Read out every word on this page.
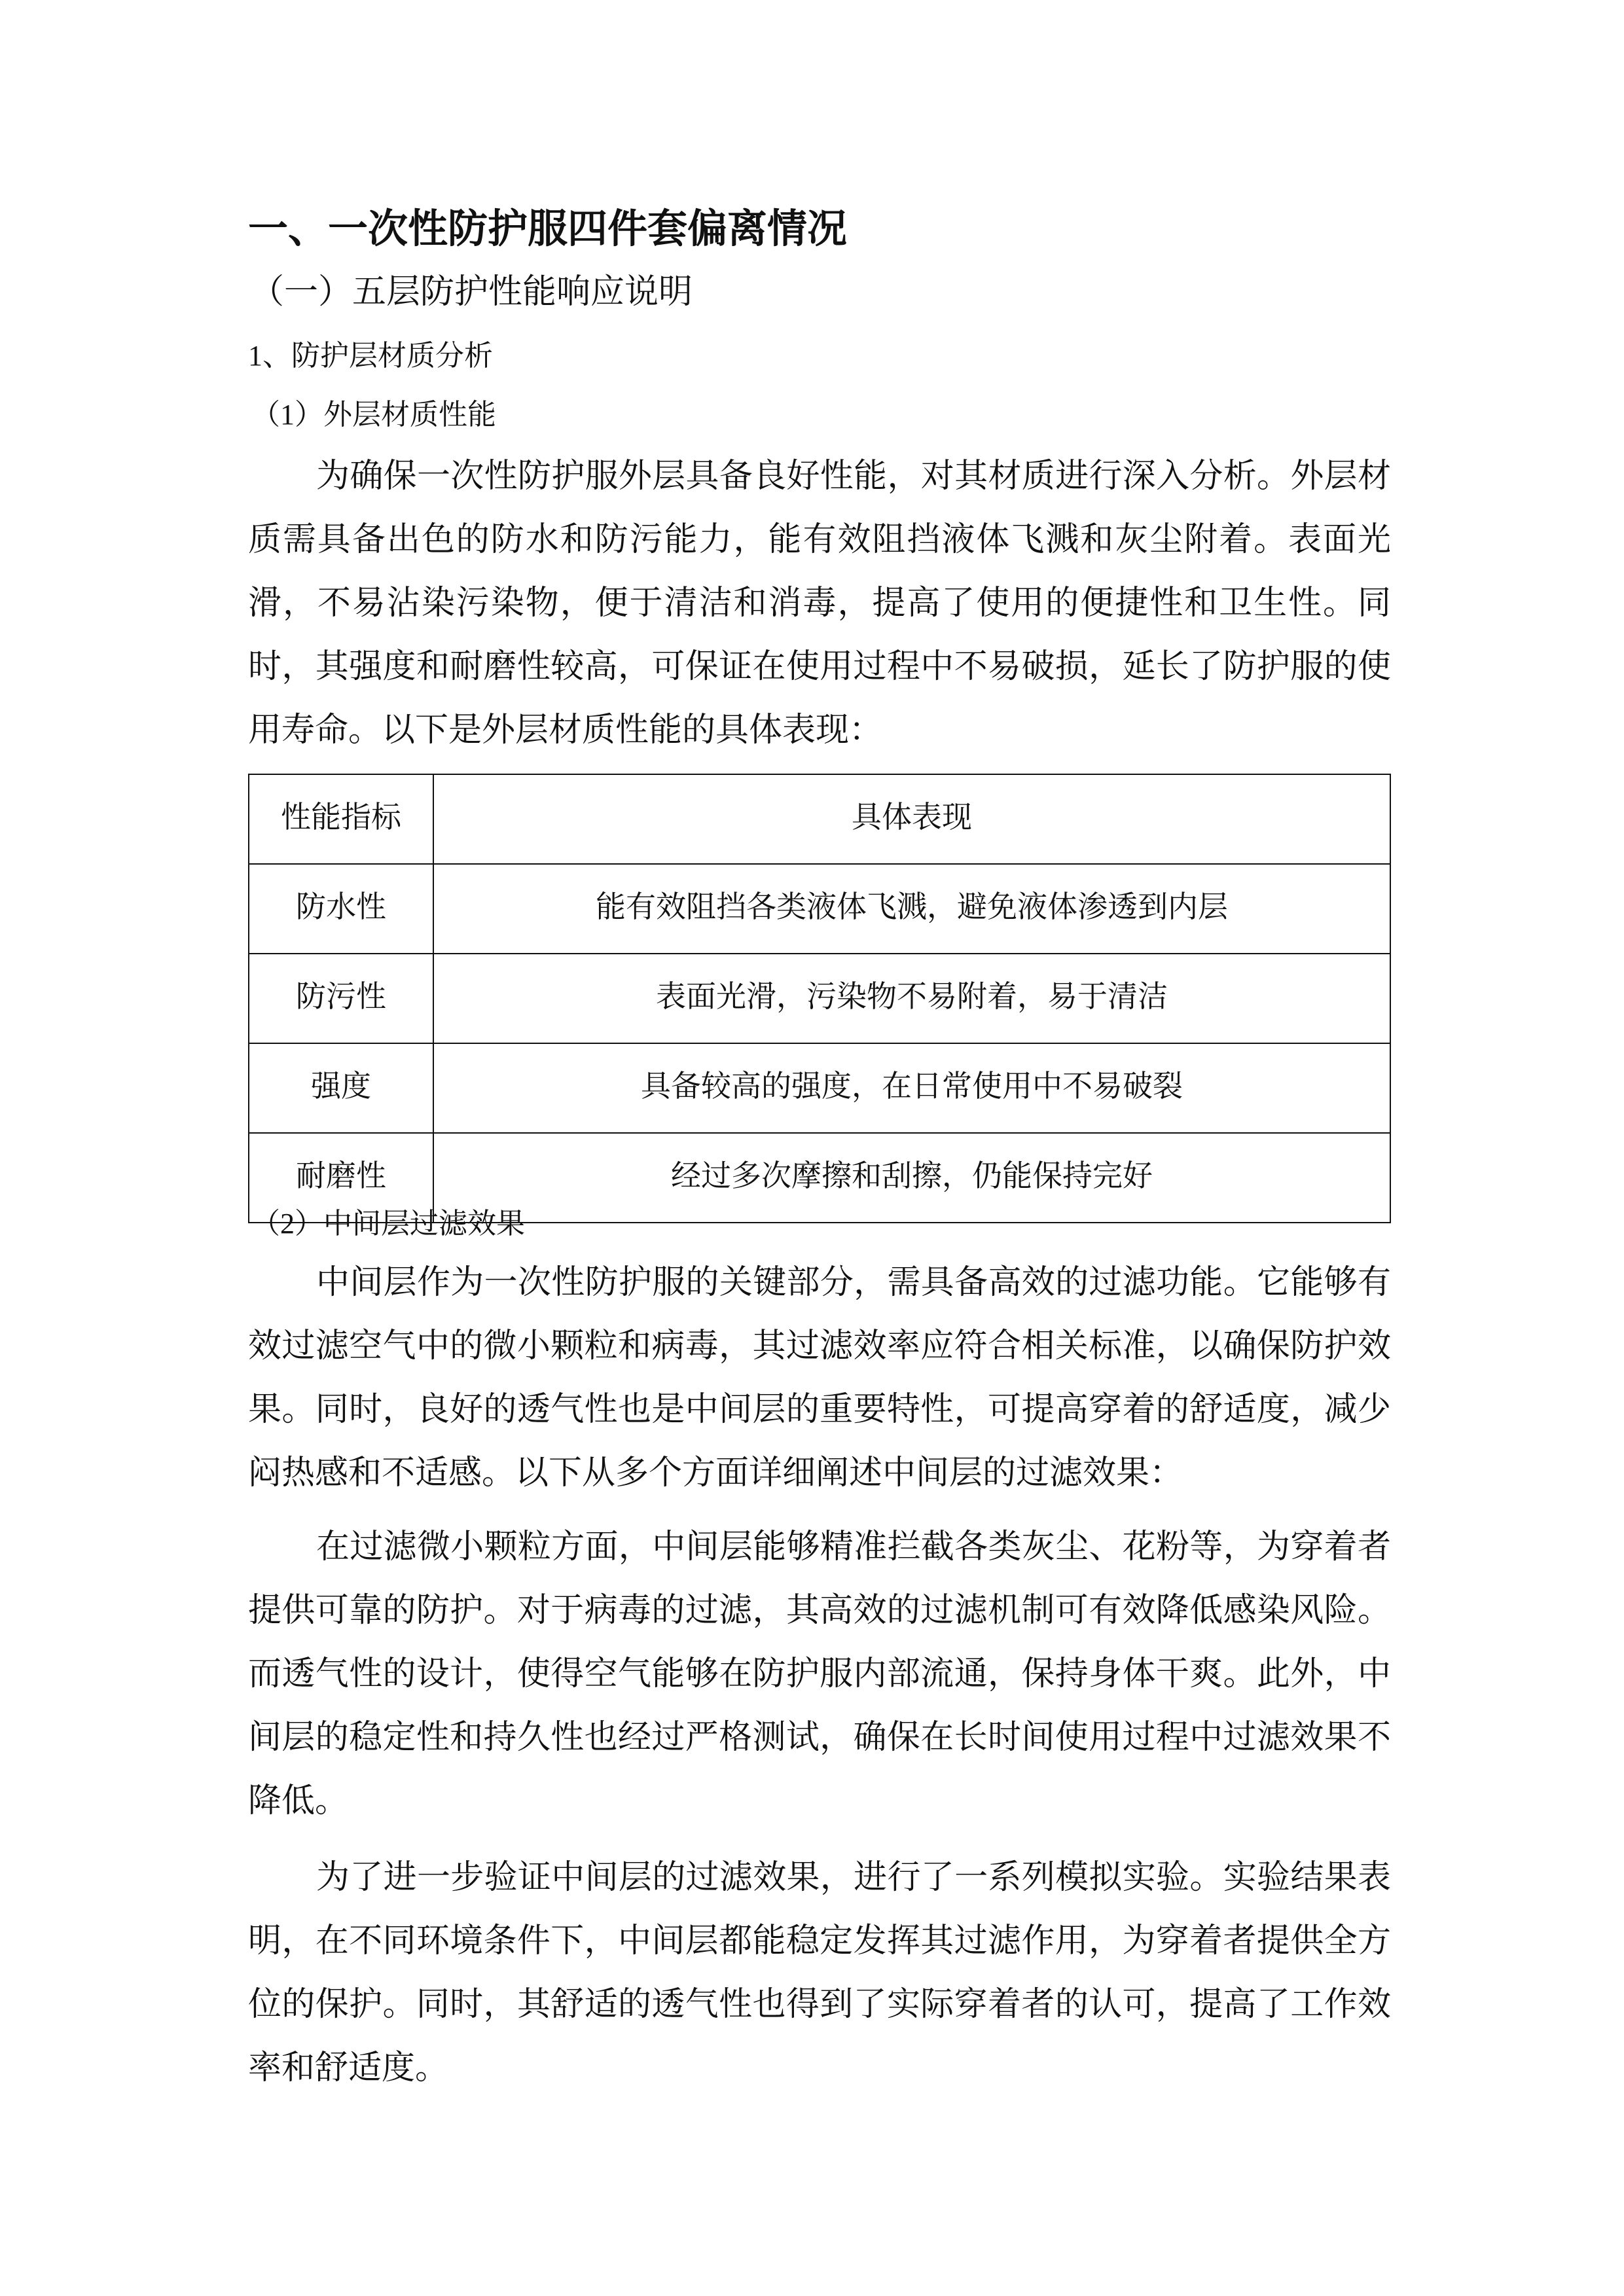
一、一次性防护服四件套偏离情况
（一）五层防护性能响应说明
1、防护层材质分析
（1）外层材质性能
为确保一次性防护服外层具备良好性能，对其材质进行深入分析。外层材
质需具备出色的防水和防污能力，能有效阻挡液体飞溅和灰尘附着。表面光
滑，不易沾染污染物，便于清洁和消毒，提高了使用的便捷性和卫生性。同
时，其强度和耐磨性较高，可保证在使用过程中不易破损，延长了防护服的使
用寿命。以下是外层材质性能的具体表现：
性能指标	具体表现
防水性	能有效阻挡各类液体飞溅，避免液体渗透到内层
防污性	表面光滑，污染物不易附着，易于清洁
强度	具备较高的强度，在日常使用中不易破裂
耐磨性	经过多次摩擦和刮擦，仍能保持完好
（2）中间层过滤效果
中间层作为一次性防护服的关键部分，需具备高效的过滤功能。它能够有
效过滤空气中的微小颗粒和病毒，其过滤效率应符合相关标准，以确保防护效
果。同时，良好的透气性也是中间层的重要特性，可提高穿着的舒适度，减少
闷热感和不适感。以下从多个方面详细阐述中间层的过滤效果：
在过滤微小颗粒方面，中间层能够精准拦截各类灰尘、花粉等，为穿着者
提供可靠的防护。对于病毒的过滤，其高效的过滤机制可有效降低感染风险。
而透气性的设计，使得空气能够在防护服内部流通，保持身体干爽。此外，中
间层的稳定性和持久性也经过严格测试，确保在长时间使用过程中过滤效果不
降低。
为了进一步验证中间层的过滤效果，进行了一系列模拟实验。实验结果表
明，在不同环境条件下，中间层都能稳定发挥其过滤作用，为穿着者提供全方
位的保护。同时，其舒适的透气性也得到了实际穿着者的认可，提高了工作效
率和舒适度。
